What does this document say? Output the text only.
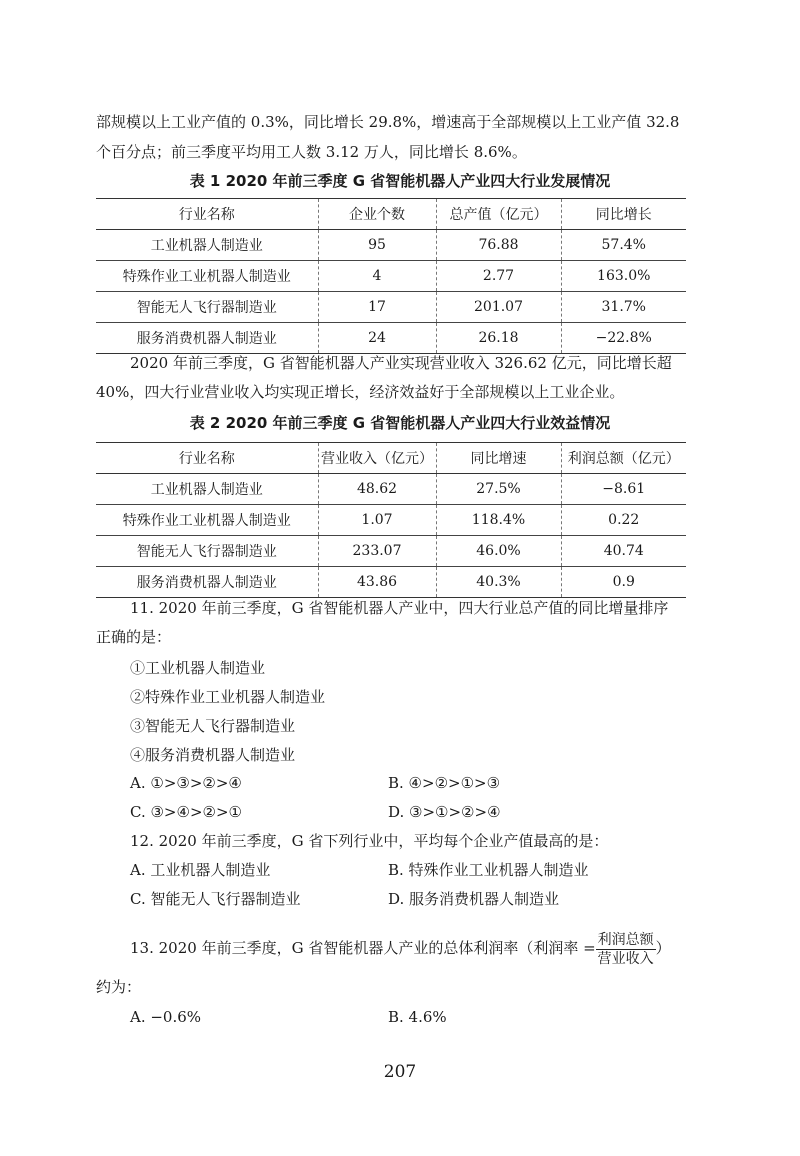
部规模以上工业产值的 0.3%，同比增长 29.8%，增速高于全部规模以上工业产值 32.8
个百分点；前三季度平均用工人数 3.12 万人，同比增长 8.6%。
表 1 2020 年前三季度 G 省智能机器人产业四大行业发展情况
行业名称	企业个数	总产值（亿元）	同比增长
工业机器人制造业	95	76.88	57.4%
特殊作业工业机器人制造业	4	2.77	163.0%
智能无人飞行器制造业	17	201.07	31.7%
服务消费机器人制造业	24	26.18	−22.8%
2020 年前三季度，G 省智能机器人产业实现营业收入 326.62 亿元，同比增长超
40%，四大行业营业收入均实现正增长，经济效益好于全部规模以上工业企业。
表 2 2020 年前三季度 G 省智能机器人产业四大行业效益情况
行业名称	营业收入（亿元）	同比增速	利润总额（亿元）
工业机器人制造业	48.62	27.5%	−8.61
特殊作业工业机器人制造业	1.07	118.4%	0.22
智能无人飞行器制造业	233.07	46.0%	40.74
服务消费机器人制造业	43.86	40.3%	0.9
11. 2020 年前三季度，G 省智能机器人产业中，四大行业总产值的同比增量排序
正确的是：
①工业机器人制造业
②特殊作业工业机器人制造业
③智能无人飞行器制造业
④服务消费机器人制造业
A. ①>③>②>④	B. ④>②>①>③
C. ③>④>②>①	D. ③>①>②>④
12. 2020 年前三季度，G 省下列行业中，平均每个企业产值最高的是：
A. 工业机器人制造业	B. 特殊作业工业机器人制造业
C. 智能无人飞行器制造业	D. 服务消费机器人制造业
13. 2020 年前三季度，G 省智能机器人产业的总体利润率（利润率 = $\frac{\text{利润总额}}{\text{营业收入}}$ ）
约为：
A. −0.6%	B. 4.6%
207
